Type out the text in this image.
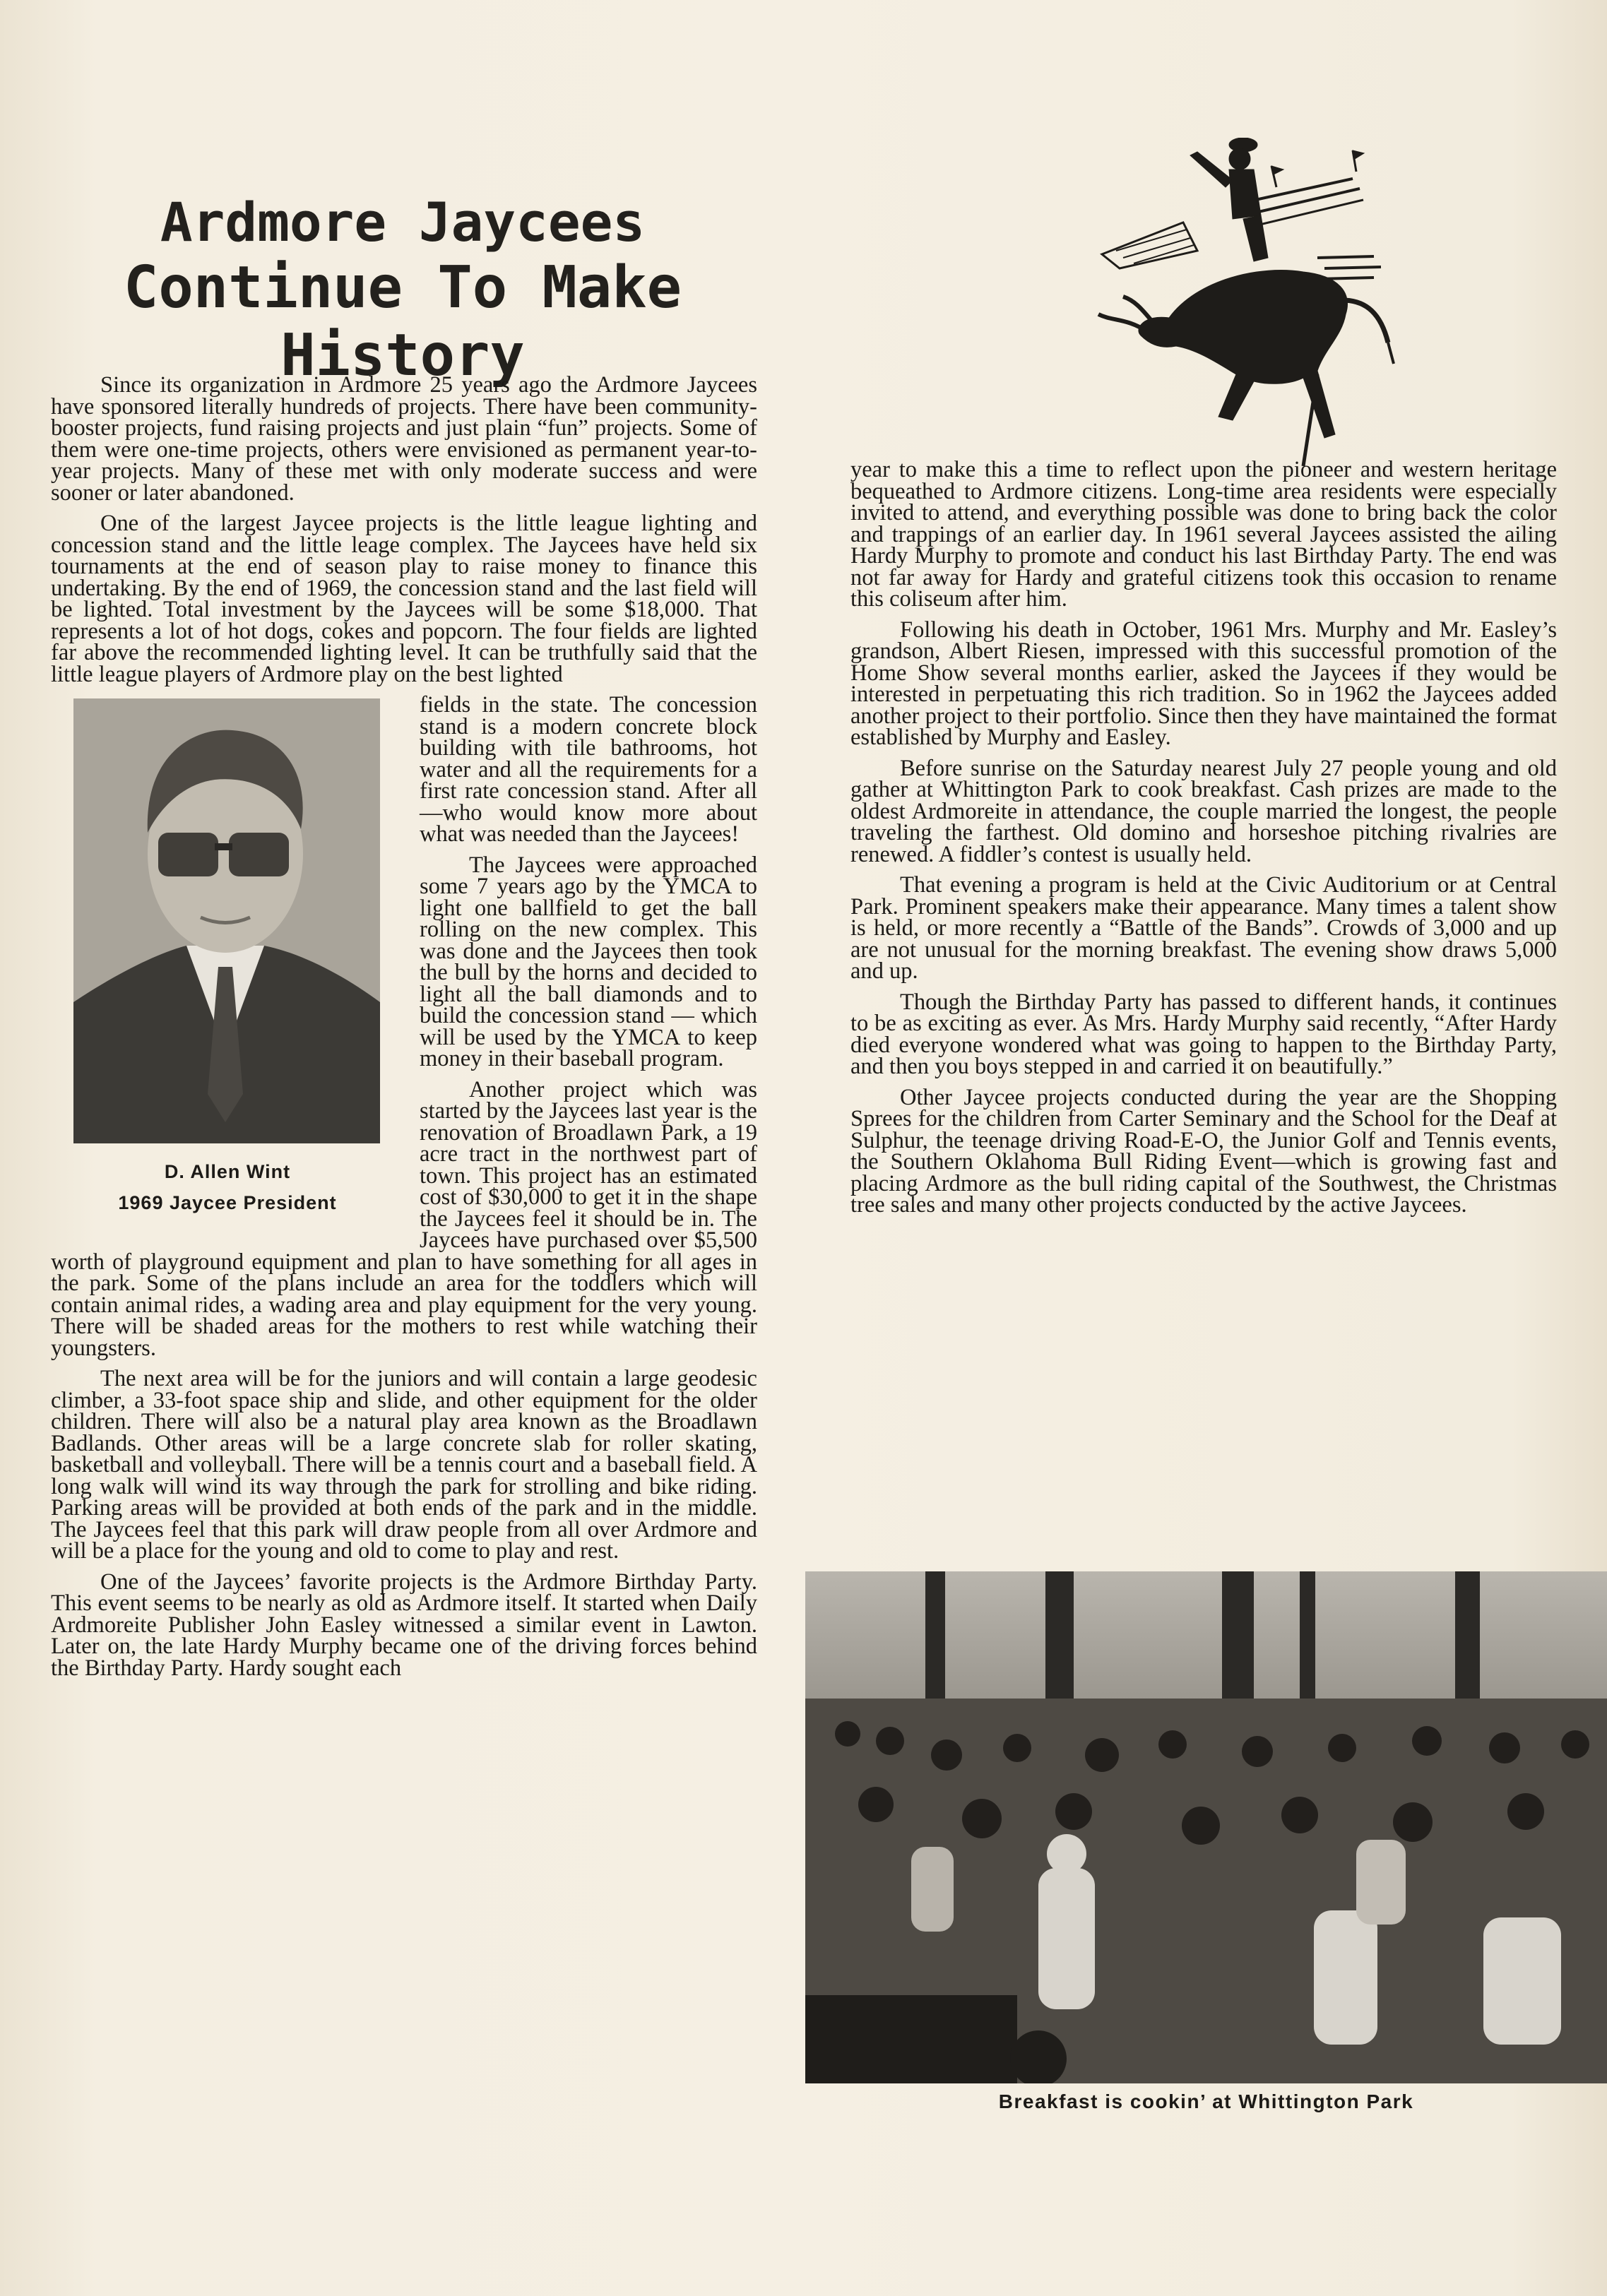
Ardmore Jaycees
Continue To Make History

Since its organization in Ardmore 25 years ago the Ardmore Jaycees have sponsored literally hundreds of projects. There have been community-booster projects, fund raising projects and just plain “fun” projects. Some of them were one-time projects, others were envisioned as permanent year-to-year projects. Many of these met with only moderate success and were sooner or later abandoned.

One of the largest Jaycee projects is the little league lighting and concession stand and the little leage complex. The Jaycees have held six tournaments at the end of season play to raise money to finance this undertaking. By the end of 1969, the concession stand and the last field will be lighted. Total investment by the Jaycees will be some $18,000. That represents a lot of hot dogs, cokes and popcorn. The four fields are lighted far above the recommended lighting level. It can be truthfully said that the little league players of Ardmore play on the best lighted

D. Allen Wint
1969 Jaycee President

fields in the state. The concession stand is a modern concrete block building with tile bathrooms, hot water and all the requirements for a first rate concession stand. After all —who would know more about what was needed than the Jaycees!

The Jaycees were approached some 7 years ago by the YMCA to light one ballfield to get the ball rolling on the new complex. This was done and the Jaycees then took the bull by the horns and decided to light all the ball diamonds and to build the concession stand — which will be used by the YMCA to keep money in their baseball program.

Another project which was started by the Jaycees last year is the renovation of Broadlawn Park, a 19 acre tract in the northwest part of town. This project has an estimated cost of $30,000 to get it in the shape the Jaycees feel it should be in. The Jaycees have purchased over $5,500 worth of playground equipment and plan to have something for all ages in the park. Some of the plans include an area for the toddlers which will contain animal rides, a wading area and play equipment for the very young. There will be shaded areas for the mothers to rest while watching their youngsters.

The next area will be for the juniors and will contain a large geodesic climber, a 33-foot space ship and slide, and other equipment for the older children. There will also be a natural play area known as the Broadlawn Badlands. Other areas will be a large concrete slab for roller skating, basketball and volleyball. There will be a tennis court and a baseball field. A long walk will wind its way through the park for strolling and bike riding. Parking areas will be provided at both ends of the park and in the middle. The Jaycees feel that this park will draw people from all over Ardmore and will be a place for the young and old to come to play and rest.

One of the Jaycees’ favorite projects is the Ardmore Birthday Party. This event seems to be nearly as old as Ardmore itself. It started when Daily Ardmoreite Publisher John Easley witnessed a similar event in Lawton. Later on, the late Hardy Murphy became one of the driving forces behind the Birthday Party. Hardy sought each

year to make this a time to reflect upon the pioneer and western heritage bequeathed to Ardmore citizens. Long-time area residents were especially invited to attend, and everything possible was done to bring back the color and trappings of an earlier day. In 1961 several Jaycees assisted the ailing Hardy Murphy to promote and conduct his last Birthday Party. The end was not far away for Hardy and grateful citizens took this occasion to rename this coliseum after him.

Following his death in October, 1961 Mrs. Murphy and Mr. Easley’s grandson, Albert Riesen, impressed with this successful promotion of the Home Show several months earlier, asked the Jaycees if they would be interested in perpetuating this rich tradition. So in 1962 the Jaycees added another project to their portfolio. Since then they have maintained the format established by Murphy and Easley.

Before sunrise on the Saturday nearest July 27 people young and old gather at Whittington Park to cook breakfast. Cash prizes are made to the oldest Ardmoreite in attendance, the couple married the longest, the people traveling the farthest. Old domino and horseshoe pitching rivalries are renewed. A fiddler’s contest is usually held.

That evening a program is held at the Civic Auditorium or at Central Park. Prominent speakers make their appearance. Many times a talent show is held, or more recently a “Battle of the Bands”. Crowds of 3,000 and up are not unusual for the morning breakfast. The evening show draws 5,000 and up.

Though the Birthday Party has passed to different hands, it continues to be as exciting as ever. As Mrs. Hardy Murphy said recently, “After Hardy died everyone wondered what was going to happen to the Birthday Party, and then you boys stepped in and carried it on beautifully.”

Other Jaycee projects conducted during the year are the Shopping Sprees for the children from Carter Seminary and the School for the Deaf at Sulphur, the teenage driving Road-E-O, the Junior Golf and Tennis events, the Southern Oklahoma Bull Riding Event—which is growing fast and placing Ardmore as the bull riding capital of the Southwest, the Christmas tree sales and many other projects conducted by the active Jaycees.

Breakfast is cookin’ at Whittington Park
